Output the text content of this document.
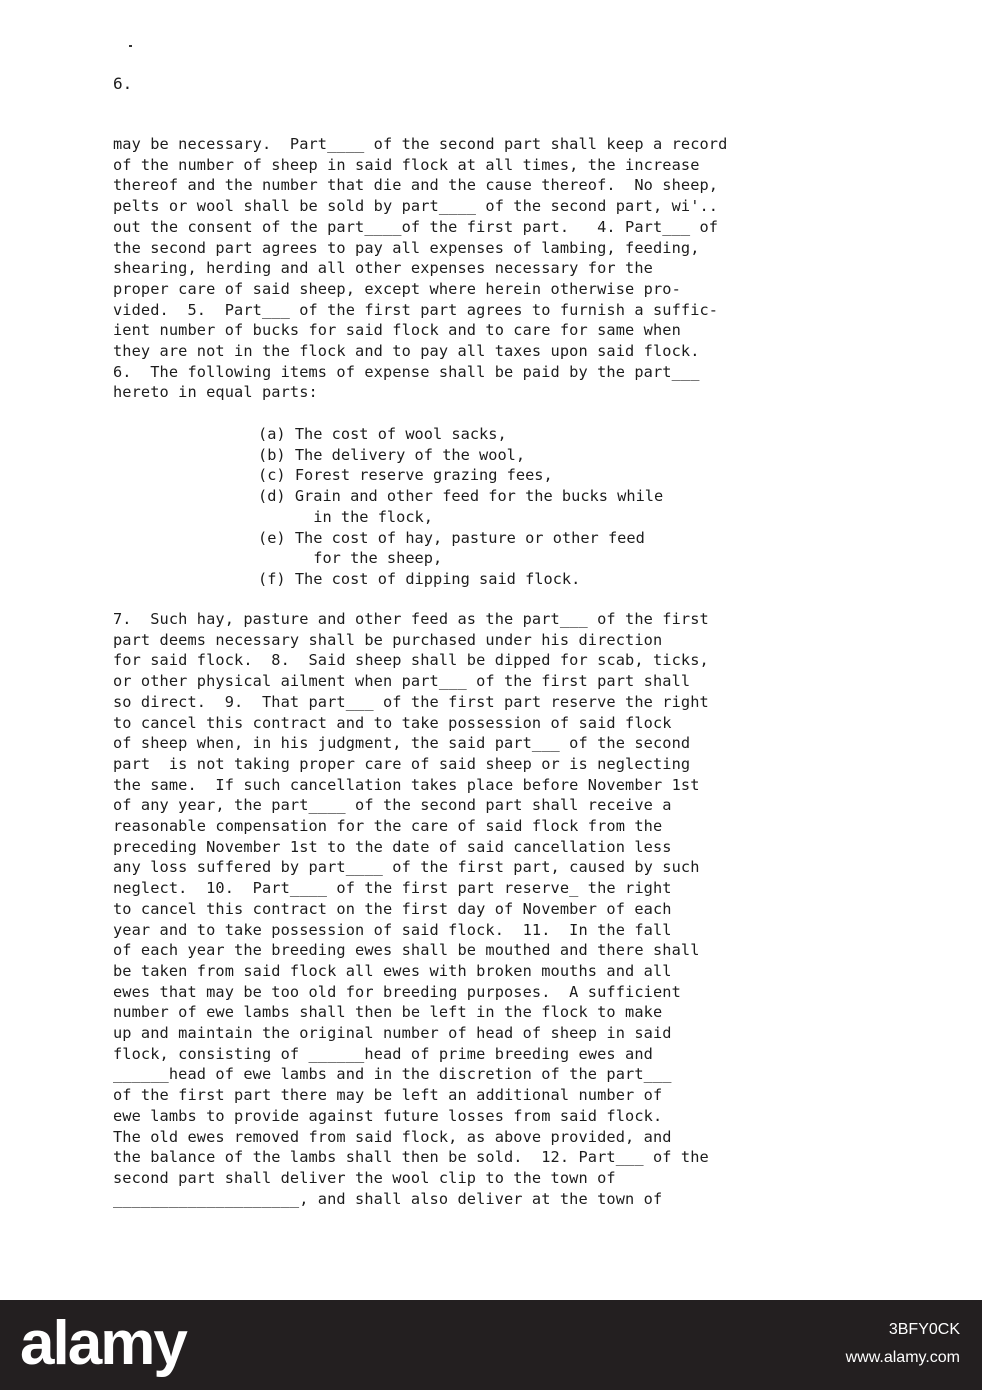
6.

may be necessary.  Part____ of the second part shall keep a record
of the number of sheep in said flock at all times, the increase
thereof and the number that die and the cause thereof.  No sheep,
pelts or wool shall be sold by part____ of the second part, wi'..
out the consent of the part____of the first part.   4. Part___ of
the second part agrees to pay all expenses of lambing, feeding,
shearing, herding and all other expenses necessary for the
proper care of said sheep, except where herein otherwise pro-
vided.  5.  Part___ of the first part agrees to furnish a suffic-
ient number of bucks for said flock and to care for same when
they are not in the flock and to pay all taxes upon said flock.
6.  The following items of expense shall be paid by the part___
hereto in equal parts:

(a) The cost of wool sacks,
(b) The delivery of the wool,
(c) Forest reserve grazing fees,
(d) Grain and other feed for the bucks while
in the flock,
(e) The cost of hay, pasture or other feed
for the sheep,
(f) The cost of dipping said flock.

7.  Such hay, pasture and other feed as the part___ of the first
part deems necessary shall be purchased under his direction
for said flock.  8.  Said sheep shall be dipped for scab, ticks,
or other physical ailment when part___ of the first part shall
so direct.  9.  That part___ of the first part reserve the right
to cancel this contract and to take possession of said flock
of sheep when, in his judgment, the said part___ of the second
part  is not taking proper care of said sheep or is neglecting
the same.  If such cancellation takes place before November 1st
of any year, the part____ of the second part shall receive a
reasonable compensation for the care of said flock from the
preceding November 1st to the date of said cancellation less
any loss suffered by part____ of the first part, caused by such
neglect.  10.  Part____ of the first part reserve_ the right
to cancel this contract on the first day of November of each
year and to take possession of said flock.  11.  In the fall
of each year the breeding ewes shall be mouthed and there shall
be taken from said flock all ewes with broken mouths and all
ewes that may be too old for breeding purposes.  A sufficient
number of ewe lambs shall then be left in the flock to make
up and maintain the original number of head of sheep in said
flock, consisting of ______head of prime breeding ewes and
______head of ewe lambs and in the discretion of the part___
of the first part there may be left an additional number of
ewe lambs to provide against future losses from said flock.
The old ewes removed from said flock, as above provided, and
the balance of the lambs shall then be sold.  12. Part___ of the
second part shall deliver the wool clip to the town of
____________________, and shall also deliver at the town of

alamy	3BFY0CK

www.alamy.com
